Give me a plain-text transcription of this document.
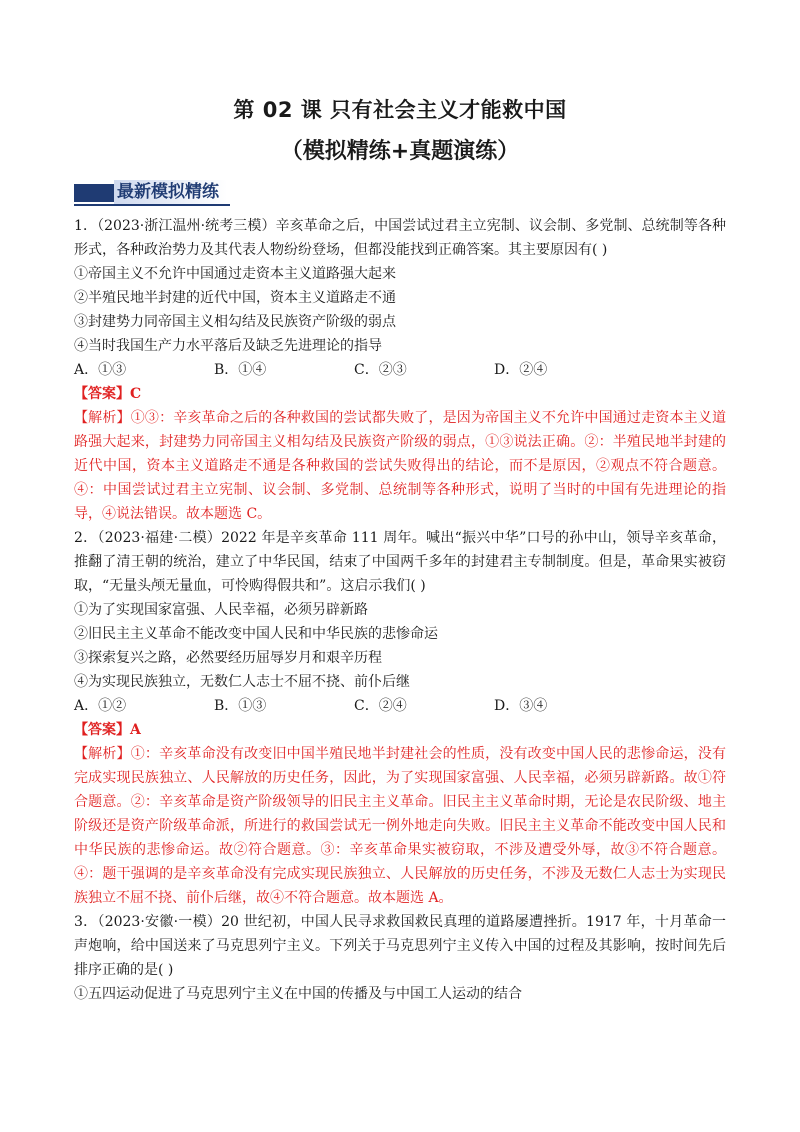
第 02 课 只有社会主义才能救中国
（模拟精练+真题演练）
最新模拟精练

1．（2023·浙江温州·统考三模）辛亥革命之后，中国尝试过君主立宪制、议会制、多党制、总统制等各种形式，各种政治势力及其代表人物纷纷登场，但都没能找到正确答案。其主要原因有( )

①帝国主义不允许中国通过走资本主义道路强大起来

②半殖民地半封建的近代中国，资本主义道路走不通

③封建势力同帝国主义相勾结及民族资产阶级的弱点

④当时我国生产力水平落后及缺乏先进理论的指导

A．①③	B．①④	C．②③	D．②④

【答案】C

【解析】①③：辛亥革命之后的各种救国的尝试都失败了，是因为帝国主义不允许中国通过走资本主义道路强大起来，封建势力同帝国主义相勾结及民族资产阶级的弱点，①③说法正确。②：半殖民地半封建的近代中国，资本主义道路走不通是各种救国的尝试失败得出的结论，而不是原因，②观点不符合题意。④：中国尝试过君主立宪制、议会制、多党制、总统制等各种形式，说明了当时的中国有先进理论的指导，④说法错误。故本题选 C。

2．（2023·福建·二模）2022 年是辛亥革命 111 周年。喊出“振兴中华”口号的孙中山，领导辛亥革命，推翻了清王朝的统治，建立了中华民国，结束了中国两千多年的封建君主专制制度。但是，革命果实被窃取，“无量头颅无量血，可怜购得假共和”。这启示我们( )

①为了实现国家富强、人民幸福，必须另辟新路

②旧民主主义革命不能改变中国人民和中华民族的悲惨命运

③探索复兴之路，必然要经历屈辱岁月和艰辛历程

④为实现民族独立，无数仁人志士不屈不挠、前仆后继

A．①②	B．①③	C．②④	D．③④

【答案】A

【解析】①：辛亥革命没有改变旧中国半殖民地半封建社会的性质，没有改变中国人民的悲惨命运，没有完成实现民族独立、人民解放的历史任务，因此，为了实现国家富强、人民幸福，必须另辟新路。故①符合题意。②：辛亥革命是资产阶级领导的旧民主主义革命。旧民主主义革命时期，无论是农民阶级、地主阶级还是资产阶级革命派，所进行的救国尝试无一例外地走向失败。旧民主主义革命不能改变中国人民和中华民族的悲惨命运。故②符合题意。③：辛亥革命果实被窃取，不涉及遭受外辱，故③不符合题意。④：题干强调的是辛亥革命没有完成实现民族独立、人民解放的历史任务，不涉及无数仁人志士为实现民族独立不屈不挠、前仆后继，故④不符合题意。故本题选 A。

3．（2023·安徽·一模）20 世纪初，中国人民寻求救国救民真理的道路屡遭挫折。1917 年，十月革命一声炮响，给中国送来了马克思列宁主义。下列关于马克思列宁主义传入中国的过程及其影响，按时间先后排序正确的是( )

①五四运动促进了马克思列宁主义在中国的传播及与中国工人运动的结合
